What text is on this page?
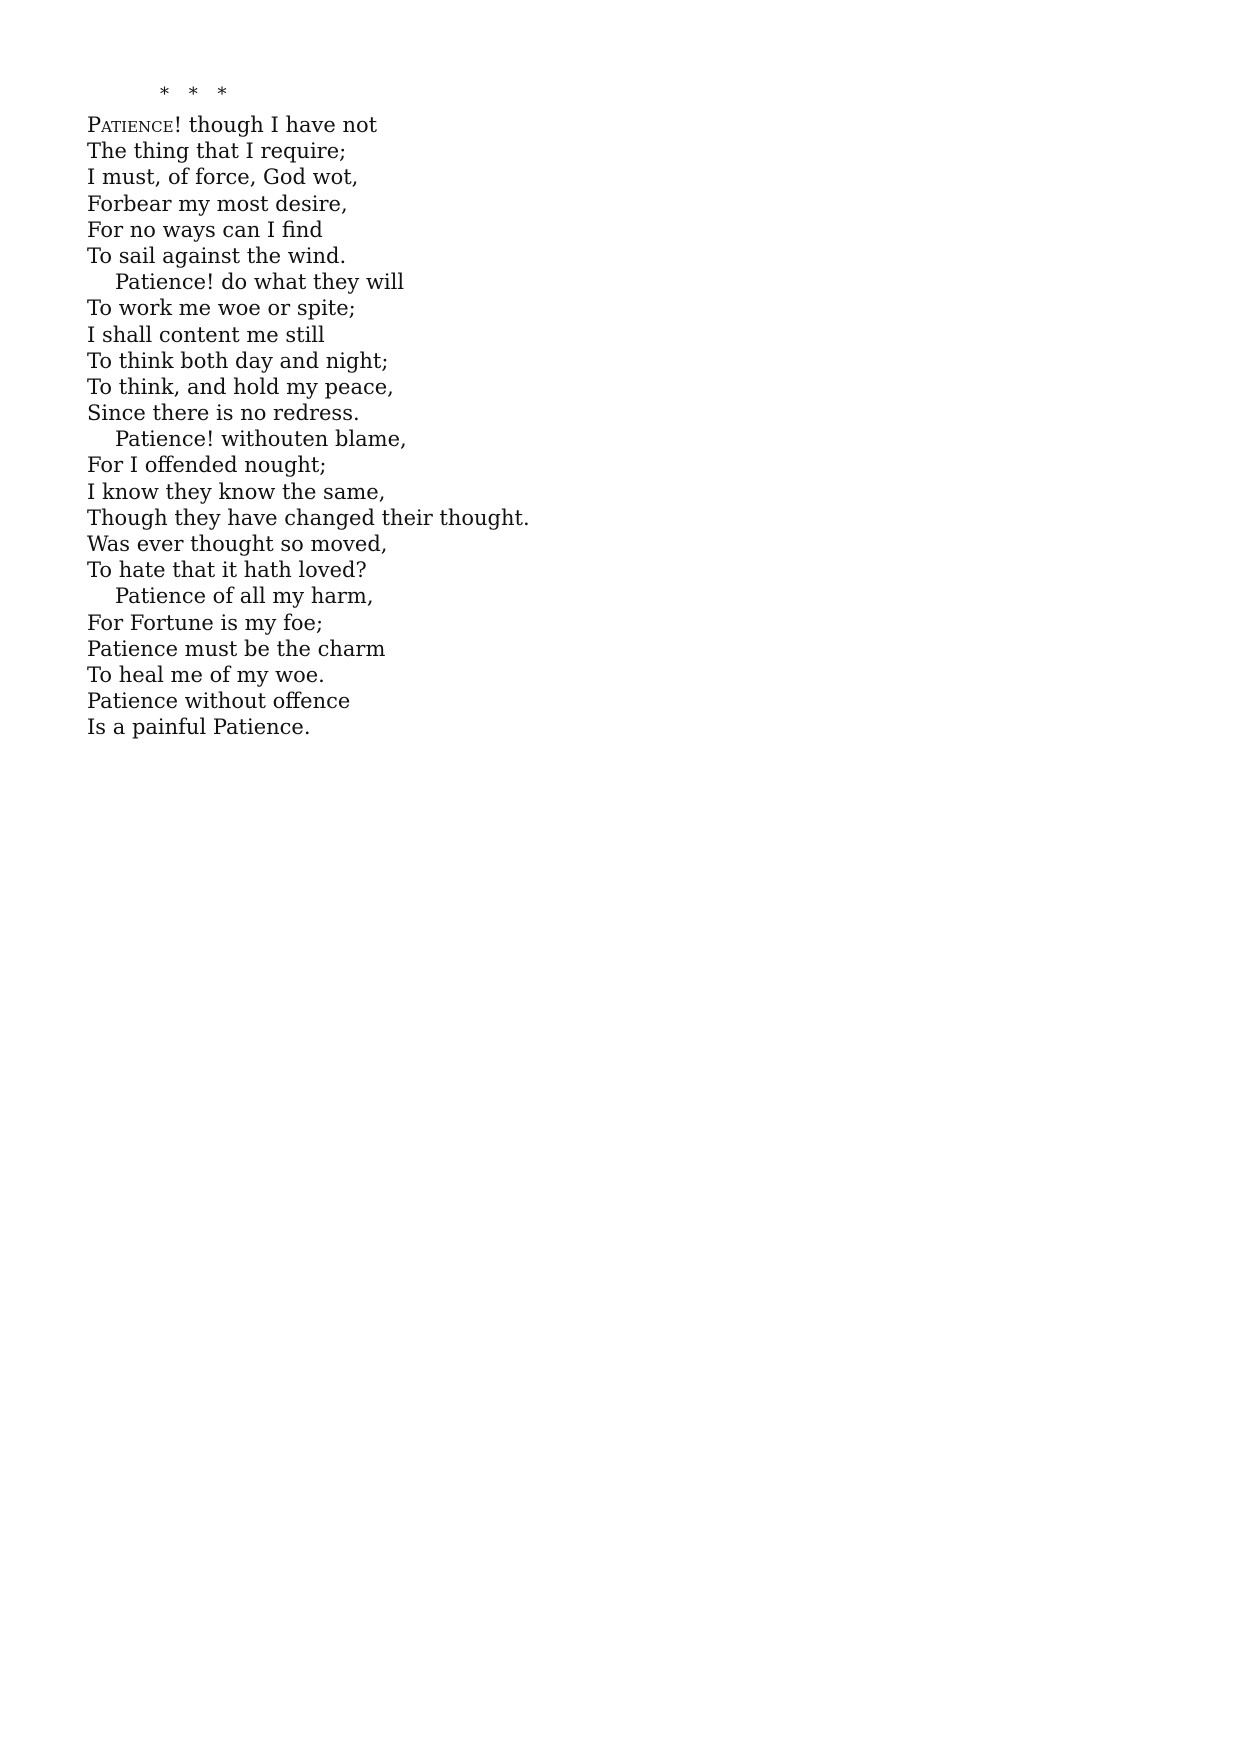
* * *

Patience! though I have not
The thing that I require;
I must, of force, God wot,
Forbear my most desire,
For no ways can I find
To sail against the wind.
Patience! do what they will
To work me woe or spite;
I shall content me still
To think both day and night;
To think, and hold my peace,
Since there is no redress.
Patience! withouten blame,
For I offended nought;
I know they know the same,
Though they have changed their thought.
Was ever thought so moved,
To hate that it hath loved?
Patience of all my harm,
For Fortune is my foe;
Patience must be the charm
To heal me of my woe.
Patience without offence
Is a painful Patience.
